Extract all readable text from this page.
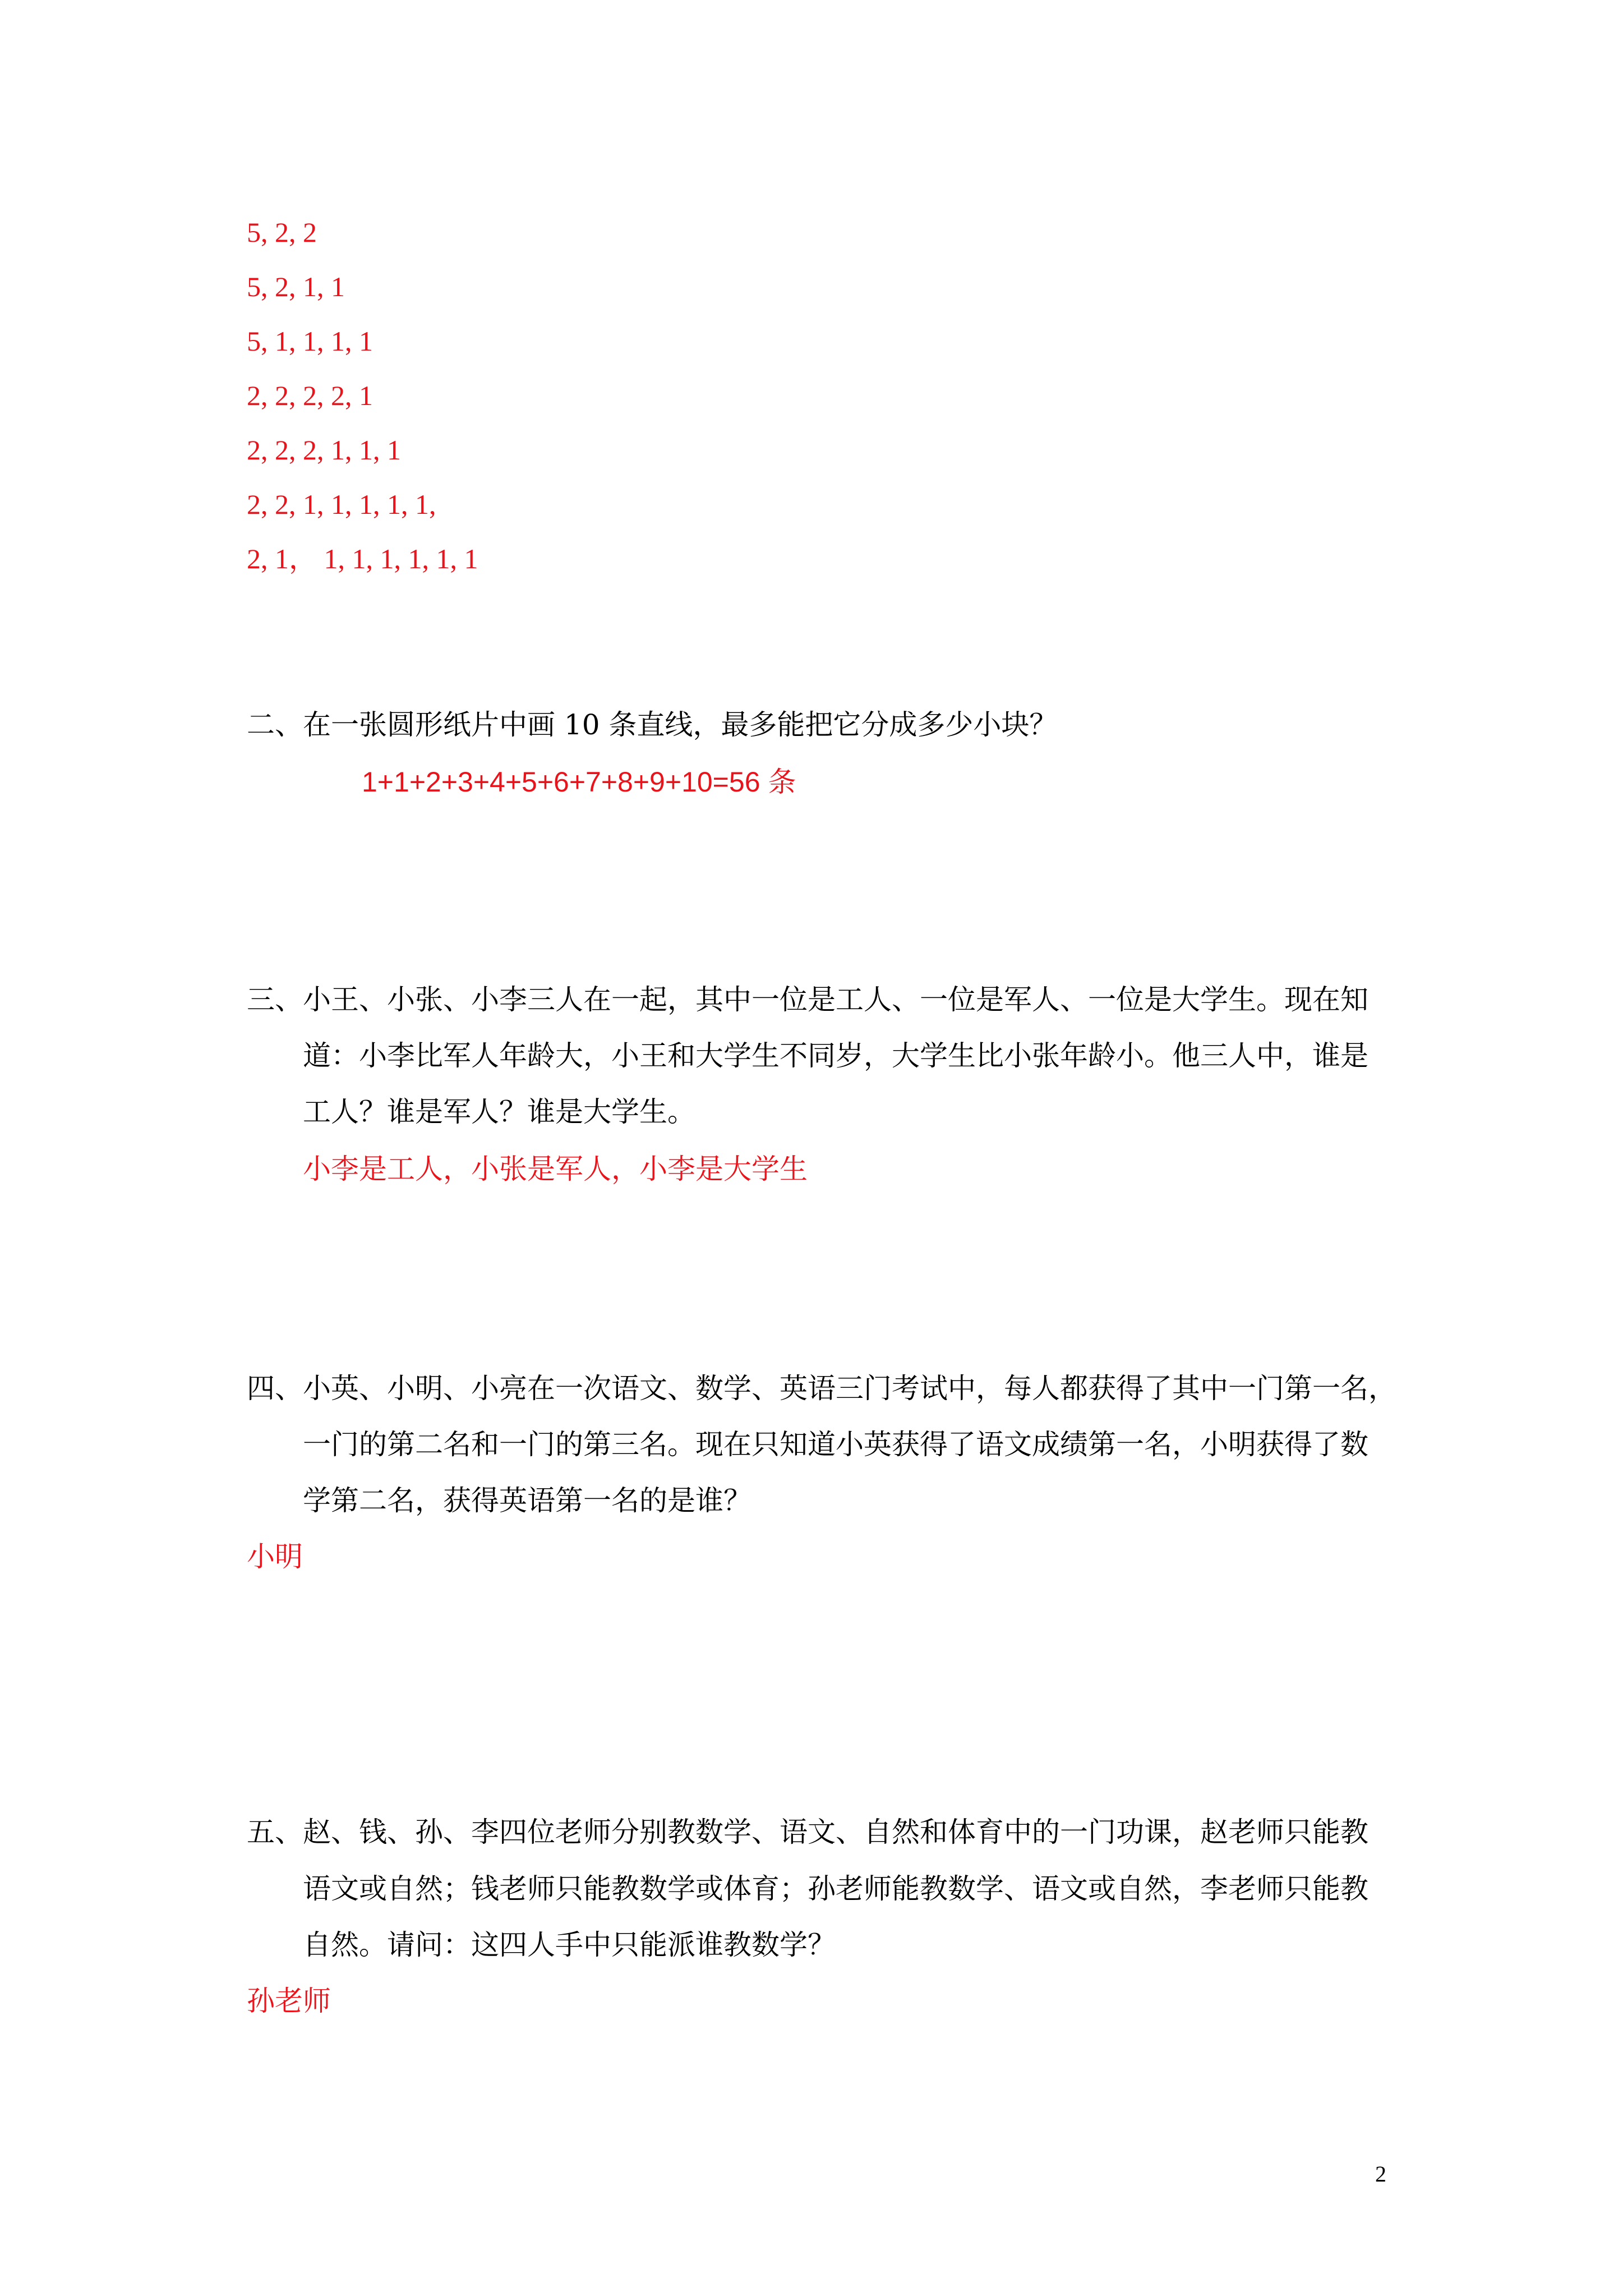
5, 2, 2
5, 2, 1, 1
5, 1, 1, 1, 1
2, 2, 2, 2, 1
2, 2, 2, 1, 1, 1
2, 2, 1, 1, 1, 1, 1,
2, 1， 1, 1, 1, 1, 1, 1
二、在一张圆形纸片中画 10 条直线，最多能把它分成多少小块？
1+1+2+3+4+5+6+7+8+9+10=56 条
三、小王、小张、小李三人在一起，其中一位是工人、一位是军人、一位是大学生。现在知
道：小李比军人年龄大，小王和大学生不同岁，大学生比小张年龄小。他三人中，谁是
工人？谁是军人？谁是大学生。
小李是工人，小张是军人，小李是大学生
四、小英、小明、小亮在一次语文、数学、英语三门考试中，每人都获得了其中一门第一名，
一门的第二名和一门的第三名。现在只知道小英获得了语文成绩第一名，小明获得了数
学第二名，获得英语第一名的是谁？
小明
五、赵、钱、孙、李四位老师分别教数学、语文、自然和体育中的一门功课，赵老师只能教
语文或自然；钱老师只能教数学或体育；孙老师能教数学、语文或自然，李老师只能教
自然。请问：这四人手中只能派谁教数学？
孙老师
2
